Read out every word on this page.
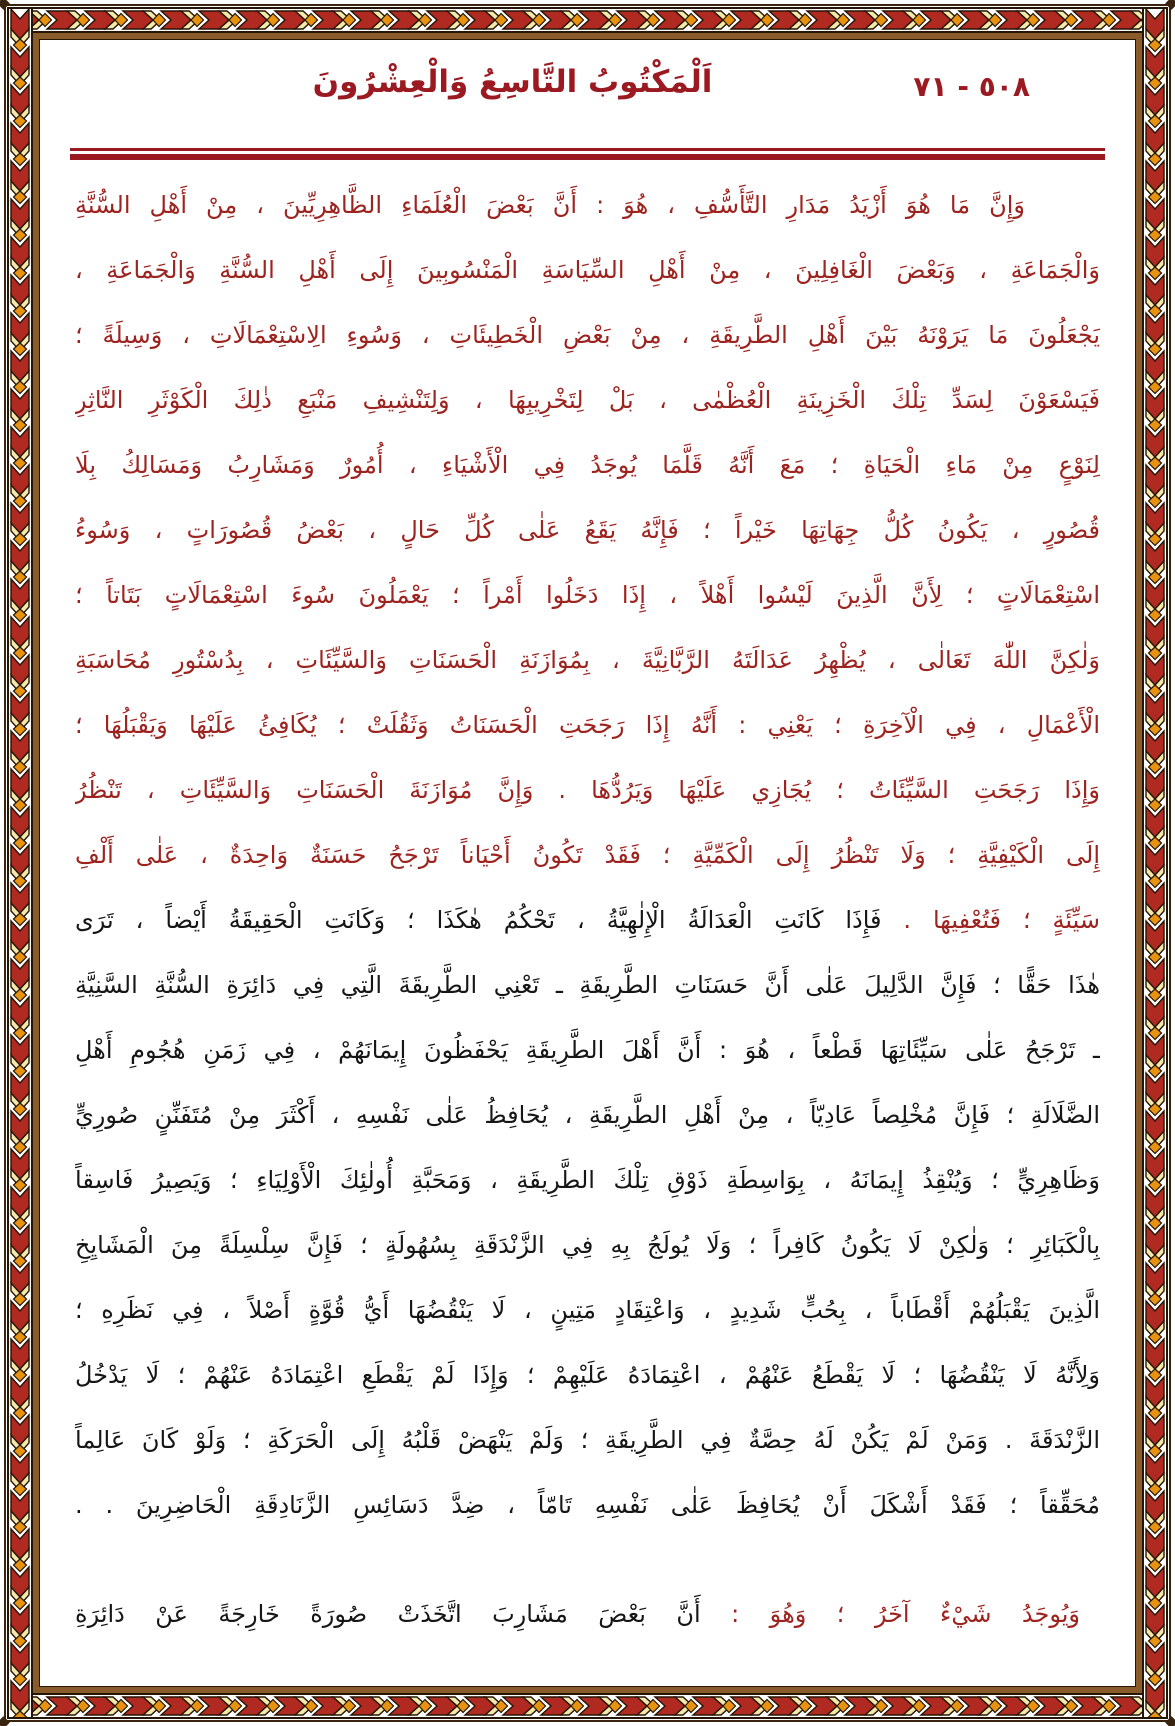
٥٠٨ - ٧١
اَلْمَكْتُوبُ التَّاسِعُ وَالْعِشْرُونَ
وَإِنَّ مَا هُوَ أَزْيَدُ مَدَارِ التَّأَسُّفِ ، هُوَ : أَنَّ بَعْضَ الْعُلَمَاءِ الظَّاهِرِيِّينَ ، مِنْ أَهْلِ السُّنَّةِ
وَالْجَمَاعَةِ ، وَبَعْضَ الْغَافِلِينَ ، مِنْ أَهْلِ السِّيَاسَةِ الْمَنْسُوبِينَ إِلَى أَهْلِ السُّنَّةِ وَالْجَمَاعَةِ ،
يَجْعَلُونَ مَا يَرَوْنَهُ بَيْنَ أَهْلِ الطَّرِيقَةِ ، مِنْ بَعْضِ الْخَطِيئَاتِ ، وَسُوءِ الِاسْتِعْمَالَاتِ ، وَسِيلَةً ؛
فَيَسْعَوْنَ لِسَدِّ تِلْكَ الْخَزِينَةِ الْعُظْمٰى ، بَلْ لِتَخْرِيبِهَا ، وَلِتَنْشِيفِ مَنْبَعِ ذٰلِكَ الْكَوْثَرِ النَّاثِرِ
لِنَوْعٍ مِنْ مَاءِ الْحَيَاةِ ؛ مَعَ أَنَّهُ قَلَّمَا يُوجَدُ فِي الْأَشْيَاءِ ، أُمُورٌ وَمَشَارِبُ وَمَسَالِكُ بِلَا
قُصُورٍ ، يَكُونُ كُلُّ جِهَاتِهَا خَيْراً ؛ فَإِنَّهُ يَقَعُ عَلٰى كُلِّ حَالٍ ، بَعْضُ قُصُورَاتٍ ، وَسُوءُ
اسْتِعْمَالَاتٍ ؛ لِأَنَّ الَّذِينَ لَيْسُوا أَهْلاً ، إِذَا دَخَلُوا أَمْراً ؛ يَعْمَلُونَ سُوءَ اسْتِعْمَالَاتٍ بَتَاتاً ؛
وَلٰكِنَّ اللّٰهَ تَعَالٰى ، يُظْهِرُ عَدَالَتَهُ الرَّبَّانِيَّةَ ، بِمُوَازَنَةِ الْحَسَنَاتِ وَالسَّيِّئَاتِ ، بِدُسْتُورِ مُحَاسَبَةِ
الْأَعْمَالِ ، فِي الْآخِرَةِ ؛ يَعْنِي : أَنَّهُ إِذَا رَجَحَتِ الْحَسَنَاتُ وَثَقُلَتْ ؛ يُكَافِئُ عَلَيْهَا وَيَقْبَلُهَا ؛
وَإِذَا رَجَحَتِ السَّيِّئَاتُ ؛ يُجَازِي عَلَيْهَا وَيَرُدُّهَا . وَإِنَّ مُوَازَنَةَ الْحَسَنَاتِ وَالسَّيِّئَاتِ ، تَنْظُرُ
إِلَى الْكَيْفِيَّةِ ؛ وَلَا تَنْظُرُ إِلَى الْكَمِّيَّةِ ؛ فَقَدْ تَكُونُ أَحْيَاناً تَرْجَحُ حَسَنَةٌ وَاحِدَةٌ ، عَلٰى أَلْفِ
سَيِّئَةٍ ؛ فَتُعْفِيهَا . فَإِذَا كَانَتِ الْعَدَالَةُ الْإِلٰهِيَّةُ ، تَحْكُمُ هٰكَذَا ؛ وَكَانَتِ الْحَقِيقَةُ أَيْضاً ، تَرَى
هٰذَا حَقًّا ؛ فَإِنَّ الدَّلِيلَ عَلٰى أَنَّ حَسَنَاتِ الطَّرِيقَةِ ـ تَعْنِي الطَّرِيقَةَ الَّتِي فِي دَائِرَةِ السُّنَّةِ السَّنِيَّةِ
ـ تَرْجَحُ عَلٰى سَيِّئَاتِهَا قَطْعاً ، هُوَ : أَنَّ أَهْلَ الطَّرِيقَةِ يَحْفَظُونَ إِيمَانَهُمْ ، فِي زَمَنِ هُجُومِ أَهْلِ
الضَّلَالَةِ ؛ فَإِنَّ مُخْلِصاً عَادِيّاً ، مِنْ أَهْلِ الطَّرِيقَةِ ، يُحَافِظُ عَلٰى نَفْسِهِ ، أَكْثَرَ مِنْ مُتَفَنِّنٍ صُورِيٍّ
وَظَاهِرِيٍّ ؛ وَيُنْقِذُ إِيمَانَهُ ، بِوَاسِطَةِ ذَوْقِ تِلْكَ الطَّرِيقَةِ ، وَمَحَبَّةِ أُولٰئِكَ الْأَوْلِيَاءِ ؛ وَيَصِيرُ فَاسِقاً
بِالْكَبَائِرِ ؛ وَلٰكِنْ لَا يَكُونُ كَافِراً ؛ وَلَا يُولَجُ بِهِ فِي الزَّنْدَقَةِ بِسُهُولَةٍ ؛ فَإِنَّ سِلْسِلَةً مِنَ الْمَشَايِخِ
الَّذِينَ يَقْبَلُهُمْ أَقْطَاباً ، بِحُبٍّ شَدِيدٍ ، وَاعْتِقَادٍ مَتِينٍ ، لَا يَنْقُضُهَا أَيُّ قُوَّةٍ أَصْلاً ، فِي نَظَرِهِ ؛
وَلِأَنَّهُ لَا يَنْقُضُهَا ؛ لَا يَقْطَعُ عَنْهُمْ ، اعْتِمَادَهُ عَلَيْهِمْ ؛ وَإِذَا لَمْ يَقْطَعِ اعْتِمَادَهُ عَنْهُمْ ؛ لَا يَدْخُلُ
الزَّنْدَقَةَ . وَمَنْ لَمْ يَكُنْ لَهُ حِصَّةٌ فِي الطَّرِيقَةِ ؛ وَلَمْ يَنْهَضْ قَلْبُهُ إِلَى الْحَرَكَةِ ؛ وَلَوْ كَانَ عَالِماً
مُحَقِّقاً ؛ فَقَدْ أَشْكَلَ أَنْ يُحَافِظَ عَلٰى نَفْسِهِ تَامّاً ، ضِدَّ دَسَائِسِ الزَّنَادِقَةِ الْحَاضِرِينَ . .
وَيُوجَدُ شَيْءٌ آخَرُ ؛ وَهُوَ : أَنَّ بَعْضَ مَشَارِبَ اتَّخَذَتْ صُورَةً خَارِجَةً عَنْ دَائِرَةِ
